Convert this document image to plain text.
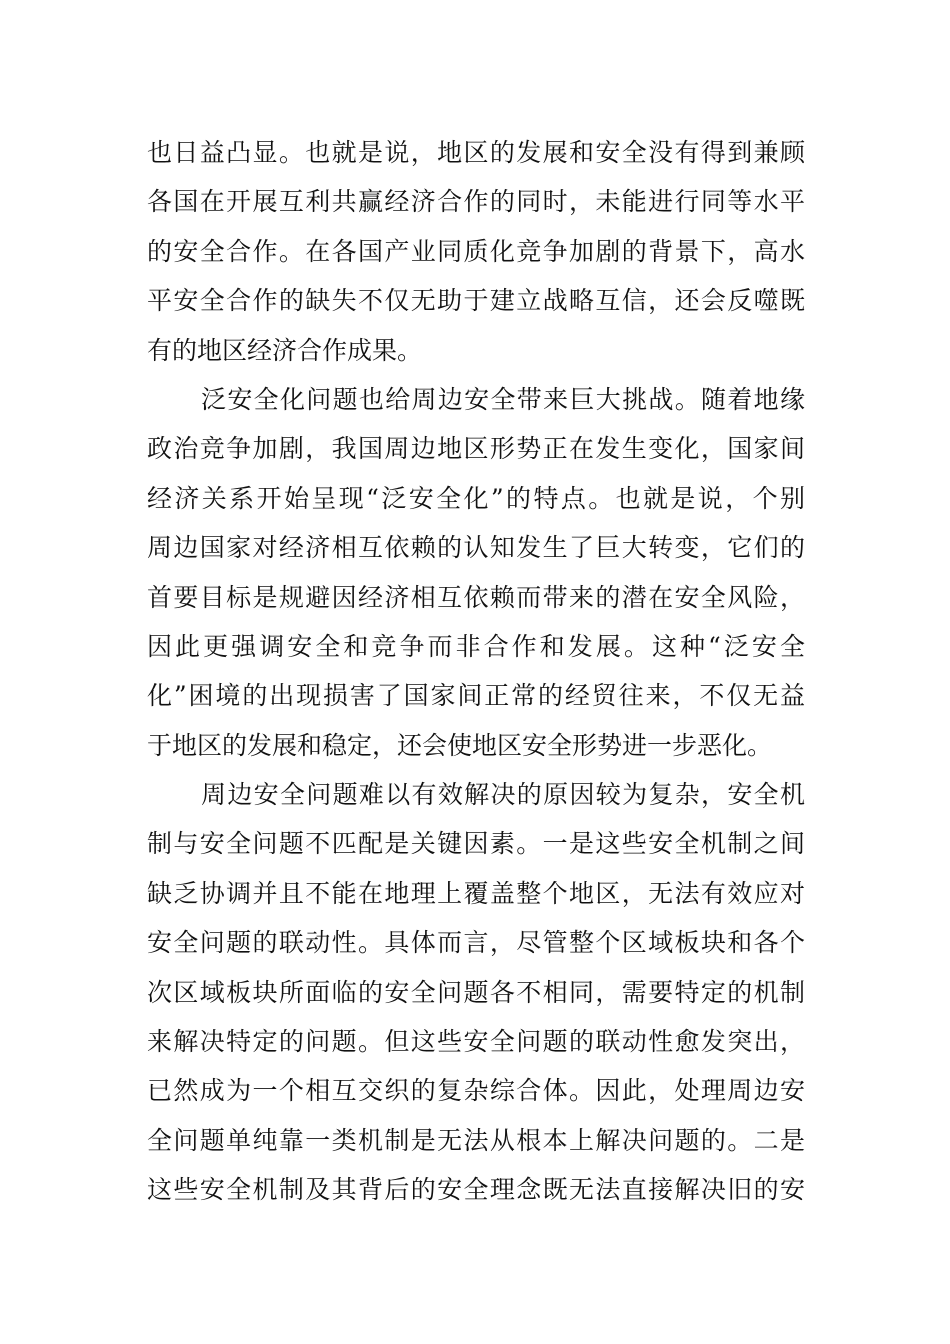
也日益凸显。也就是说，地区的发展和安全没有得到兼顾
各国在开展互利共赢经济合作的同时，未能进行同等水平
的安全合作。在各国产业同质化竞争加剧的背景下，高水
平安全合作的缺失不仅无助于建立战略互信，还会反噬既
有的地区经济合作成果。
泛安全化问题也给周边安全带来巨大挑战。随着地缘
政治竞争加剧，我国周边地区形势正在发生变化，国家间
经济关系开始呈现“泛安全化”的特点。也就是说，个别
周边国家对经济相互依赖的认知发生了巨大转变，它们的
首要目标是规避因经济相互依赖而带来的潜在安全风险，
因此更强调安全和竞争而非合作和发展。这种“泛安全
化”困境的出现损害了国家间正常的经贸往来，不仅无益
于地区的发展和稳定，还会使地区安全形势进一步恶化。
周边安全问题难以有效解决的原因较为复杂，安全机
制与安全问题不匹配是关键因素。一是这些安全机制之间
缺乏协调并且不能在地理上覆盖整个地区，无法有效应对
安全问题的联动性。具体而言，尽管整个区域板块和各个
次区域板块所面临的安全问题各不相同，需要特定的机制
来解决特定的问题。但这些安全问题的联动性愈发突出，
已然成为一个相互交织的复杂综合体。因此，处理周边安
全问题单纯靠一类机制是无法从根本上解决问题的。二是
这些安全机制及其背后的安全理念既无法直接解决旧的安
